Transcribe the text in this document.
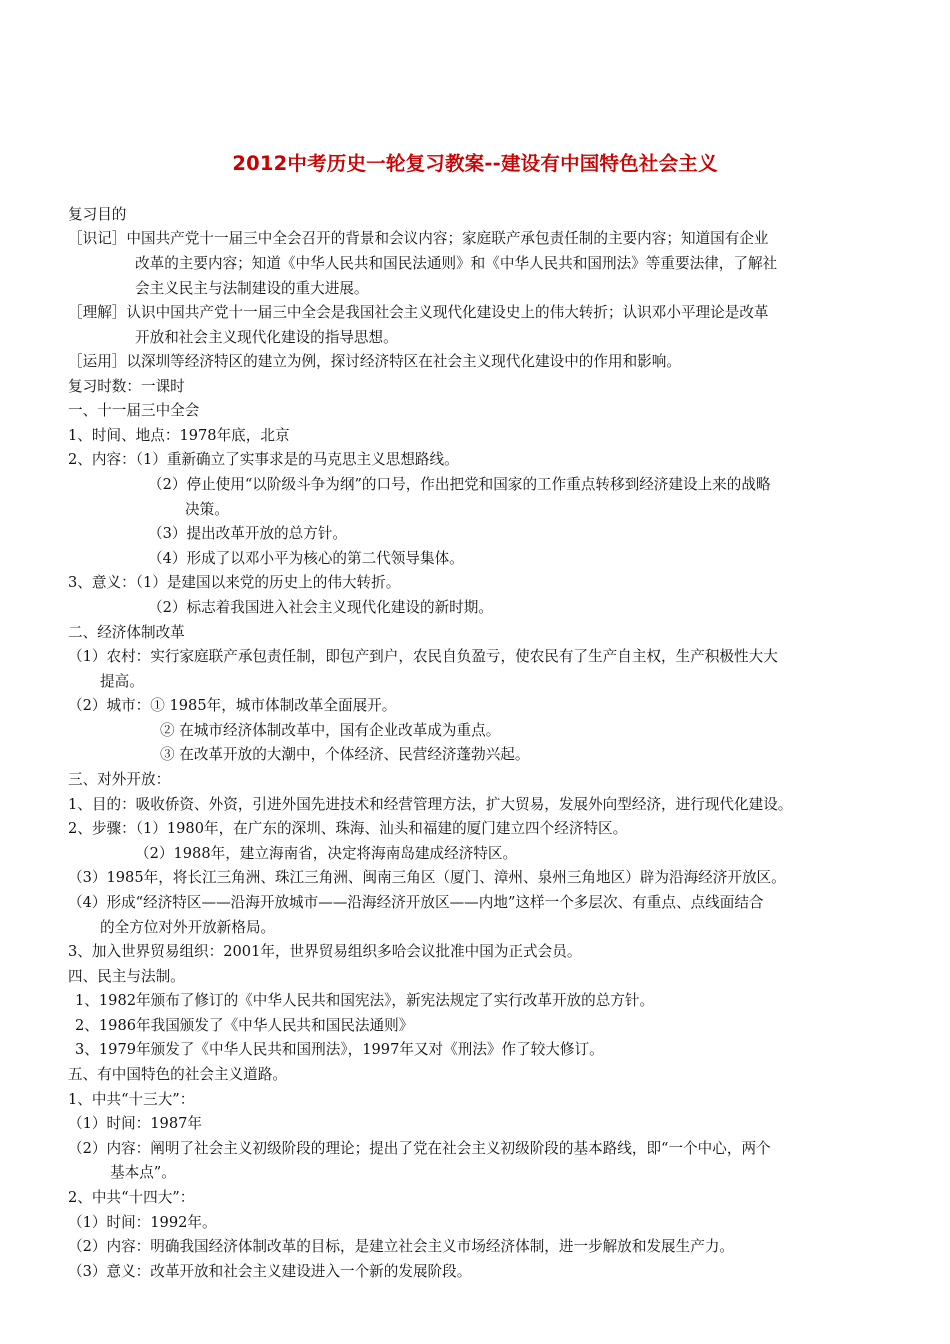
2012中考历史一轮复习教案--建设有中国特色社会主义
复习目的
［识记］中国共产党十一届三中全会召开的背景和会议内容；家庭联产承包责任制的主要内容；知道国有企业
改革的主要内容；知道《中华人民共和国民法通则》和《中华人民共和国刑法》等重要法律，了解社
会主义民主与法制建设的重大进展。
［理解］认识中国共产党十一届三中全会是我国社会主义现代化建设史上的伟大转折；认识邓小平理论是改革
开放和社会主义现代化建设的指导思想。
［运用］以深圳等经济特区的建立为例，探讨经济特区在社会主义现代化建设中的作用和影响。
复习时数：一课时
一、十一届三中全会
1、时间、地点：1978年底，北京
2、内容：（1）重新确立了实事求是的马克思主义思想路线。
（2）停止使用“以阶级斗争为纲”的口号，作出把党和国家的工作重点转移到经济建设上来的战略
决策。
（3）提出改革开放的总方针。
（4）形成了以邓小平为核心的第二代领导集体。
3、意义：（1）是建国以来党的历史上的伟大转折。
（2）标志着我国进入社会主义现代化建设的新时期。
二、经济体制改革
（1）农村：实行家庭联产承包责任制，即包产到户，农民自负盈亏，使农民有了生产自主权，生产积极性大大
提高。
（2）城市：① 1985年，城市体制改革全面展开。
② 在城市经济体制改革中，国有企业改革成为重点。
③ 在改革开放的大潮中，个体经济、民营经济蓬勃兴起。
三、对外开放：
1、目的：吸收侨资、外资，引进外国先进技术和经营管理方法，扩大贸易，发展外向型经济，进行现代化建设。
2、步骤：（1）1980年，在广东的深圳、珠海、汕头和福建的厦门建立四个经济特区。
（2）1988年，建立海南省，决定将海南岛建成经济特区。
（3）1985年，将长江三角洲、珠江三角洲、闽南三角区（厦门、漳州、泉州三角地区）辟为沿海经济开放区。
（4）形成“经济特区——沿海开放城市——沿海经济开放区——内地”这样一个多层次、有重点、点线面结合
的全方位对外开放新格局。
3、加入世界贸易组织：2001年，世界贸易组织多哈会议批准中国为正式会员。
四、民主与法制。
1、1982年颁布了修订的《中华人民共和国宪法》，新宪法规定了实行改革开放的总方针。
2、1986年我国颁发了《中华人民共和国民法通则》
3、1979年颁发了《中华人民共和国刑法》，1997年又对《刑法》作了较大修订。
五、有中国特色的社会主义道路。
1、中共“十三大”：
（1）时间：1987年
（2）内容：阐明了社会主义初级阶段的理论；提出了党在社会主义初级阶段的基本路线，即“一个中心，两个
基本点”。
2、中共“十四大”：
（1）时间：1992年。
（2）内容：明确我国经济体制改革的目标，是建立社会主义市场经济体制，进一步解放和发展生产力。
（3）意义：改革开放和社会主义建设进入一个新的发展阶段。
